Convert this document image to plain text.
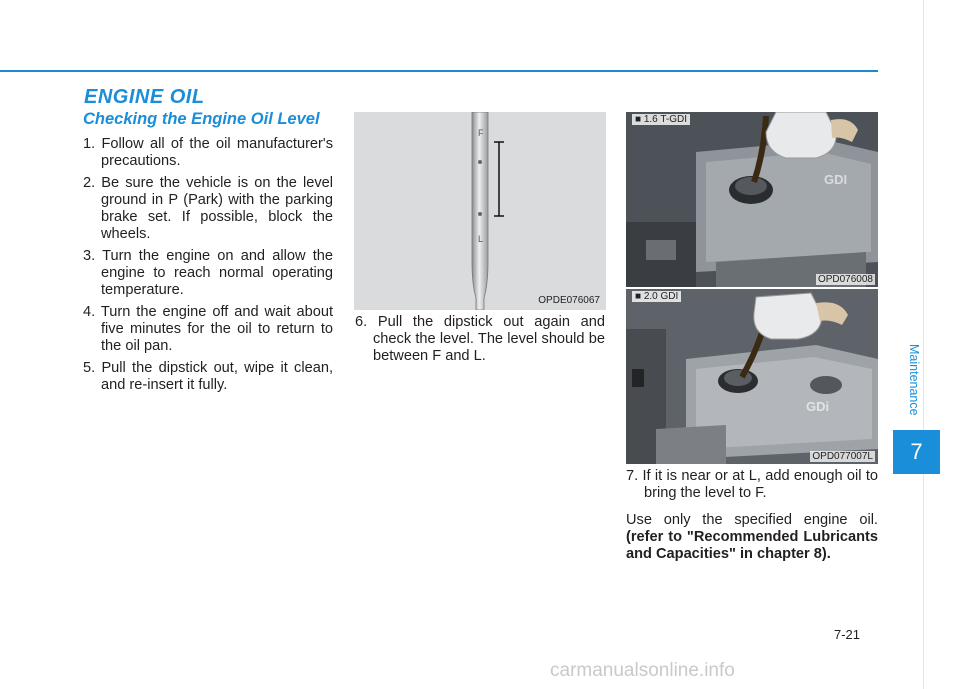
ENGINE OIL
Checking the Engine Oil Level

1. Follow all of the oil manufacturer's precautions.

2. Be sure the vehicle is on the level ground in P (Park) with the parking brake set. If possible, block the wheels.

3. Turn the engine on and allow the engine to reach normal operating temperature.

4. Turn the engine off and wait about five minutes for the oil to return to the oil pan.

5. Pull the dipstick out, wipe it clean, and re-insert it fully.

F
L
OPDE076067

6. Pull the dipstick out again and check the level. The level should be between F and L.

GDI
■ 1.6 T-GDI
OPD076008
GDi
■ 2.0 GDI
OPD077007L

7. If it is near or at L, add enough oil to bring the level to F.

Use only the specified engine oil. (refer to "Recommended Lubricants and Capacities" in chapter 8).

Maintenance
7
7-21
carmanualsonline.info
